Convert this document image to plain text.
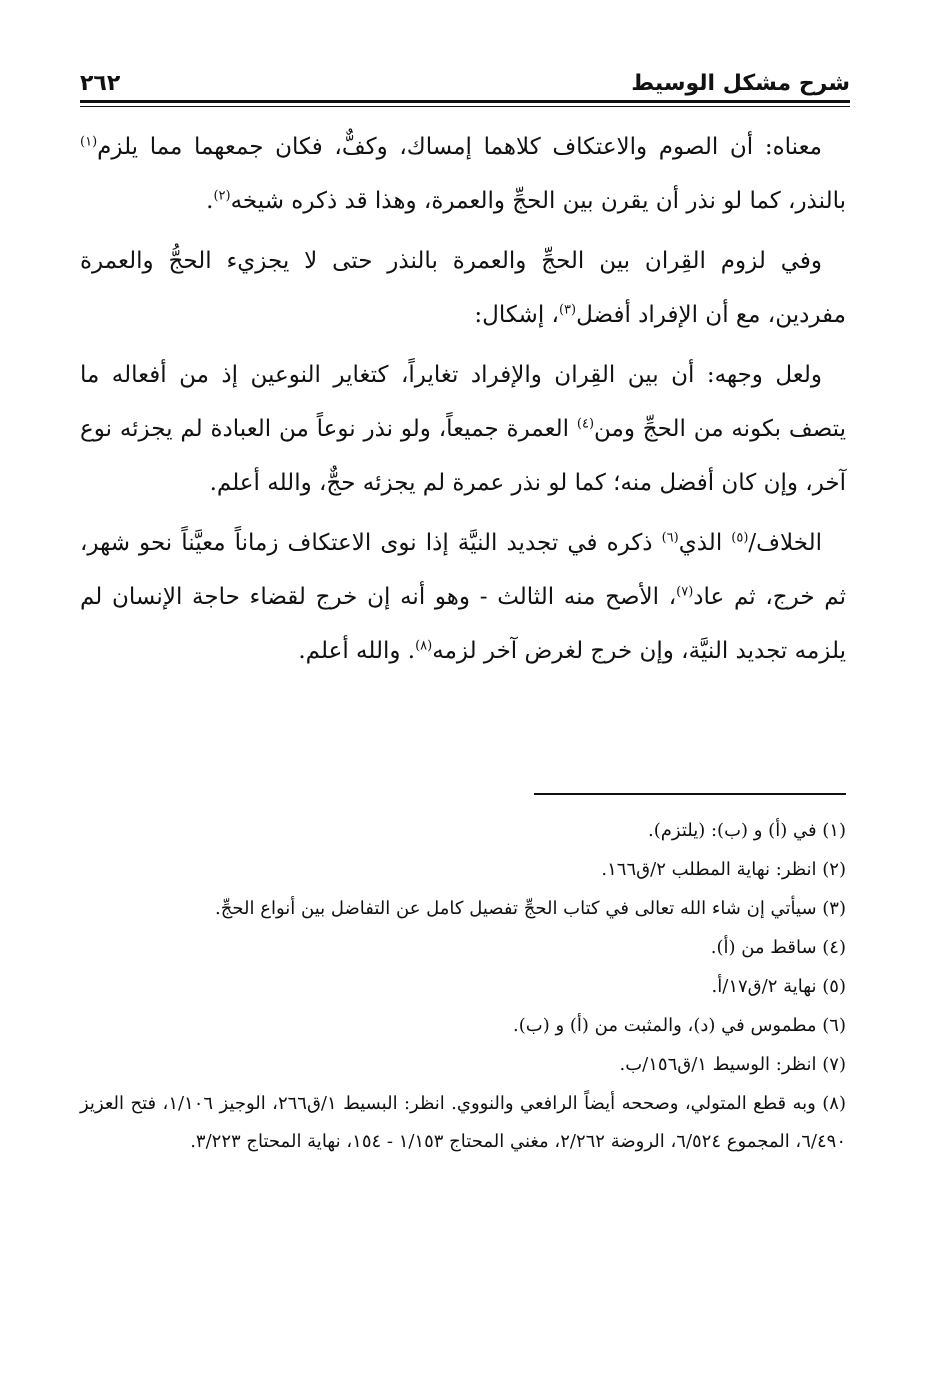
شرح مشكل الوسيط
٢٦٢

معناه: أن الصوم والاعتكاف كلاهما إمساك، وكفٌّ، فكان جمعهما مما يلزم$^{(١)}$ بالنذر، كما لو نذر أن يقرن بين الحجِّ والعمرة، وهذا قد ذكره شيخه$^{(٢)}$.

وفي لزوم القِران بين الحجِّ والعمرة بالنذر حتى لا يجزيء الحجُّ والعمرة مفردين، مع أن الإفراد أفضل$^{(٣)}$، إشكال:

ولعل وجهه: أن بين القِران والإفراد تغايراً، كتغاير النوعين إذ من أفعاله ما يتصف بكونه من الحجِّ ومن$^{(٤)}$ العمرة جميعاً، ولو نذر نوعاً من العبادة لم يجزئه نوع آخر، وإن كان أفضل منه؛ كما لو نذر عمرة لم يجزئه حجٌّ، والله أعلم.

الخلاف/$^{(٥)}$ الذي$^{(٦)}$ ذكره في تجديد النيَّة إذا نوى الاعتكاف زماناً معيَّناً نحو شهر، ثم خرج، ثم عاد$^{(٧)}$، الأصح منه الثالث - وهو أنه إن خرج لقضاء حاجة الإنسان لم يلزمه تجديد النيَّة، وإن خرج لغرض آخر لزمه$^{(٨)}$. والله أعلم.

(١) في (أ) و (ب): (يلتزم).
(٢) انظر: نهاية المطلب ٢/ق١٦٦.
(٣) سيأتي إن شاء الله تعالى في كتاب الحجِّ تفصيل كامل عن التفاضل بين أنواع الحجِّ.
(٤) ساقط من (أ).
(٥) نهاية ٢/ق١٧/أ.
(٦) مطموس في (د)، والمثبت من (أ) و (ب).
(٧) انظر: الوسيط ١/ق١٥٦/ب.
(٨) وبه قطع المتولي، وصححه أيضاً الرافعي والنووي. انظر: البسيط ١/ق٢٦٦، الوجيز ١/١٠٦، فتح العزيز ٦/٤٩٠، المجموع ٦/٥٢٤، الروضة ٢/٢٦٢، مغني المحتاج ١/١٥٣ - ١٥٤، نهاية المحتاج ٣/٢٢٣.
